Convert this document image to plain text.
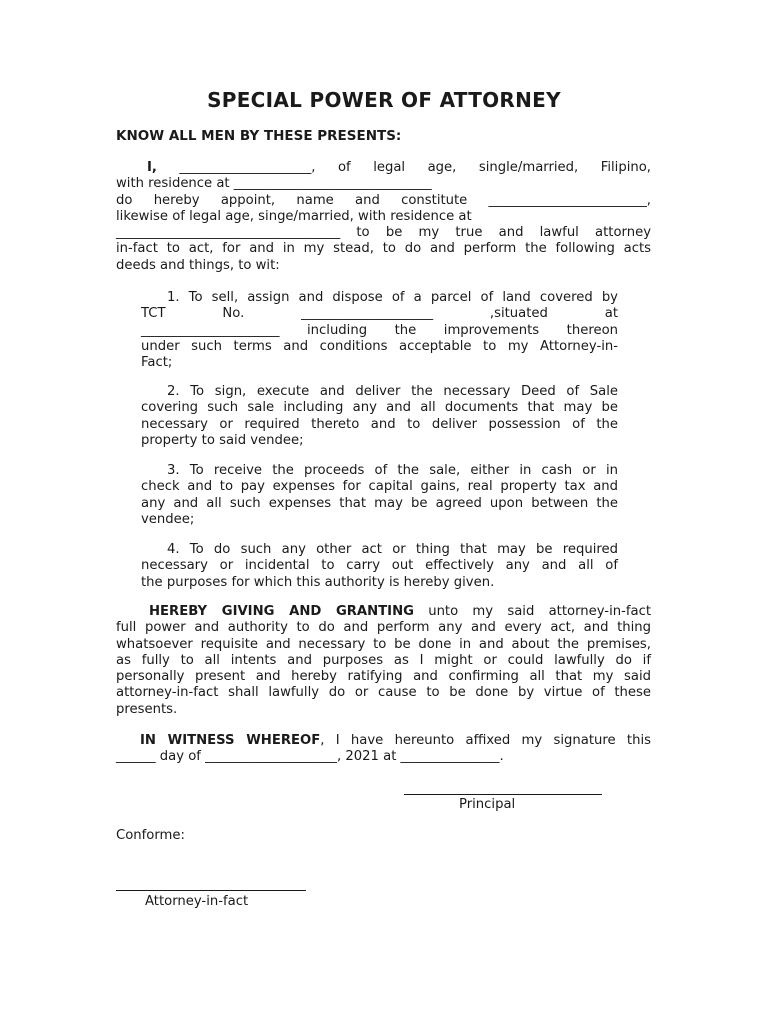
SPECIAL POWER OF ATTORNEY

KNOW ALL MEN BY THESE PRESENTS:

I, ____________________, of legal age, single/married, Filipino,
with residence at ______________________________
do hereby appoint, name and constitute ________________________,
likewise of legal age, singe/married, with residence at
__________________________________ to be my true and lawful attorney
in-fact to act, for and in my stead, to do and perform the following acts
deeds and things, to wit:
1. To sell, assign and dispose of a parcel of land covered by
TCT No. ____________________ ,situated at
_____________________ including the improvements thereon
under such terms and conditions acceptable to my Attorney-in-
Fact;
2. To sign, execute and deliver the necessary Deed of Sale
covering such sale including any and all documents that may be
necessary or required thereto and to deliver possession of the
property to said vendee;
3. To receive the proceeds of the sale, either in cash or in
check and to pay expenses for capital gains, real property tax and
any and all such expenses that may be agreed upon between the
vendee;
4. To do such any other act or thing that may be required
necessary or incidental to carry out effectively any and all of
the purposes for which this authority is hereby given.
HEREBY GIVING AND GRANTING unto my said attorney-in-fact
full power and authority to do and perform any and every act, and thing
whatsoever requisite and necessary to be done in and about the premises,
as fully to all intents and purposes as I might or could lawfully do if
personally present and hereby ratifying and confirming all that my said
attorney-in-fact shall lawfully do or cause to be done by virtue of these
presents.
IN WITNESS WHEREOF, I have hereunto affixed my signature this
______ day of ____________________, 2021 at _______________.

Principal

Conforme:

Attorney-in-fact
